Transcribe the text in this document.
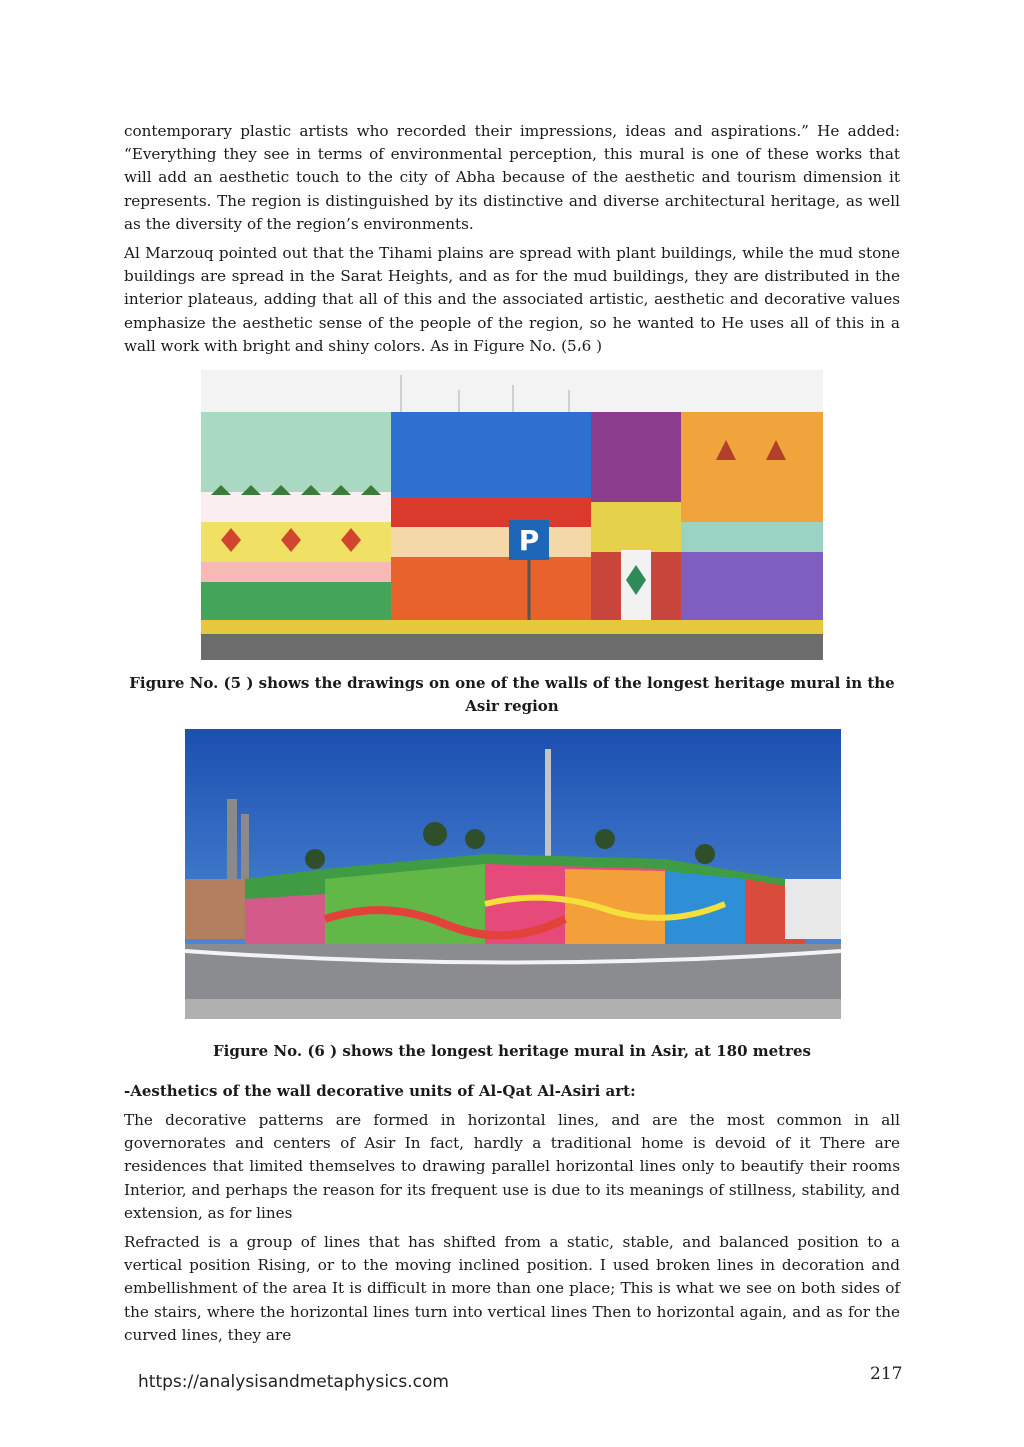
contemporary plastic artists who recorded their impressions, ideas and aspirations.” He added: “Everything they see in terms of environmental perception, this mural is one of these works that will add an aesthetic touch to the city of Abha because of the aesthetic and tourism dimension it represents. The region is distinguished by its distinctive and diverse architectural heritage, as well as the diversity of the region’s environments.

Al Marzouq pointed out that the Tihami plains are spread with plant buildings, while the mud stone buildings are spread in the Sarat Heights, and as for the mud buildings, they are distributed in the interior plateaus, adding that all of this and the associated artistic, aesthetic and decorative values emphasize the aesthetic sense of the people of the region, so he wanted to He uses all of this in a wall work with bright and shiny colors. As in Figure No. (5،6 )

P

Figure No. (5 ) shows the drawings on one of the walls of the longest heritage mural in the Asir region

Figure No. (6 ) shows the longest heritage mural in Asir, at 180 metres

-Aesthetics of the wall decorative units of Al-Qat Al-Asiri art:

The decorative patterns are formed in horizontal lines, and are the most common in all governorates and centers of Asir In fact, hardly a traditional home is devoid of it There are residences that limited themselves to drawing parallel horizontal lines only to beautify their rooms Interior, and perhaps the reason for its frequent use is due to its meanings of stillness, stability, and extension, as for lines

Refracted is a group of lines that has shifted from a static, stable, and balanced position to a vertical position Rising, or to the moving inclined position. I used broken lines in decoration and embellishment of the area It is difficult in more than one place; This is what we see on both sides of the stairs, where the horizontal lines turn into vertical lines Then to horizontal again, and as for the curved lines, they are

https://analysisandmetaphysics.com	217
